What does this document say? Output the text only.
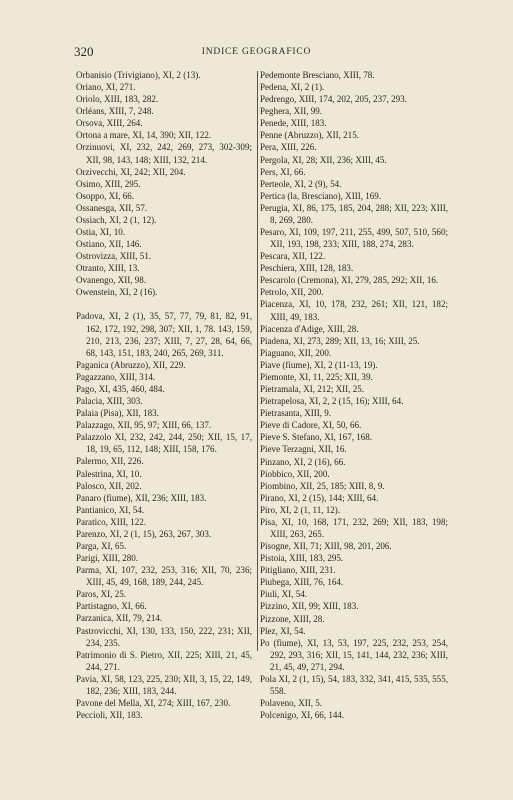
320	INDICE GEOGRAFICO
Orbanisio (Trivigiano), XI, 2 (13).
Oriano, XI, 271.
Oriolo, XIII, 183, 282.
Orléans, XIII, 7, 248.
Orsova, XIII, 264.
Ortona a mare, XI, 14, 390; XII, 122.
Orzinuovi, XI, 232, 242, 269, 273, 302-309; XII, 98, 143, 148; XIII, 132, 214.
Orzivecchi, XI, 242; XII, 204.
Osimo, XIII, 295.
Osoppo, XI, 66.
Ossanesga, XII, 57.
Ossiach, XI, 2 (1, 12).
Ostia, XI, 10.
Ostiano, XII, 146.
Ostrovizza, XIII, 51.
Otranto, XIII, 13.
Ovanengo, XII, 98.
Owenstein, XI, 2 (16).
Padova, XI, 2 (1), 35, 57, 77, 79, 81, 82, 91, 162, 172, 192, 298, 307; XII, 1, 78. 143, 159, 210, 213, 236, 237; XIII, 7, 27, 28, 64, 66, 68, 143, 151, 183, 240, 265, 269, 311.
Paganica (Abruzzo), XII, 229.
Pagazzano, XIII, 314.
Pago, XI, 435, 460, 484.
Palacia, XIII, 303.
Palaia (Pisa), XII, 183.
Palazzago, XII, 95, 97; XIII, 66, 137.
Palazzolo XI, 232, 242, 244, 250; XII, 15, 17, 18, 19, 65, 112, 148; XIII, 158, 176.
Palermo, XII, 226.
Palestrina, XI, 10.
Palosco, XII, 202.
Panaro (fiume), XII, 236; XIII, 183.
Pantianico, XI, 54.
Paratico, XIII, 122.
Parenzo, XI, 2 (1, 15), 263, 267, 303.
Parga, XI, 65.
Parigi, XIII, 280.
Parma, XI, 107, 232, 253, 316; XII, 70, 236; XIII, 45, 49, 168, 189, 244, 245.
Paros, XI, 25.
Partistagno, XI, 66.
Parzanica, XII, 79, 214.
Pastrovicchi, XI, 130, 133, 150, 222, 231; XII, 234, 235.
Patrimonio di S. Pietro, XII, 225; XIII, 21, 45, 244, 271.
Pavia, XI, 58, 123, 225, 230; XII, 3, 15, 22, 149, 182, 236; XIII, 183, 244.
Pavone del Mella, XI, 274; XIII, 167, 230.
Peccioli, XII, 183.
Pedemonte Bresciano, XIII, 78.
Pedena, XI, 2 (1).
Pedrengo, XIII, 174, 202, 205, 237, 293.
Peghera, XII, 99.
Penede, XIII, 183.
Penne (Abruzzo), XII, 215.
Pera, XIII, 226.
Pergola, XI, 28; XII, 236; XIII, 45.
Pers, XI, 66.
Perteole, XI, 2 (9), 54.
Pertica (la, Bresciano), XIII, 169.
Perugia, XI, 86, 175, 185, 204, 288; XII, 223; XIII, 8, 269, 280.
Pesaro, XI, 109, 197, 211, 255, 499, 507, 510, 560; XII, 193, 198, 233; XIII, 188, 274, 283.
Pescara, XII, 122.
Peschiera, XIII, 128, 183.
Pescarolo (Cremona), XI, 279, 285, 292; XII, 16.
Petrolo, XII, 200.
Piacenza, XI, 10, 178, 232, 261; XII, 121, 182; XIII, 49, 183.
Piacenza d'Adige, XIII, 28.
Piadena, XI, 273, 289; XII, 13, 16; XIII, 25.
Piaguano, XII, 200.
Piave (fiume), XI, 2 (11-13, 19).
Piemonte, XI, 11, 225; XII, 39.
Pietramala, XI, 212; XII, 25.
Pietrapelosa, XI, 2, 2 (15, 16); XIII, 64.
Pietrasanta, XIII, 9.
Pieve di Cadore, XI, 50, 66.
Pieve S. Stefano, XI, 167, 168.
Pieve Terzagni, XII, 16.
Pinzano, XI, 2 (16), 66.
Piobbico, XII, 200.
Piombino, XII, 25, 185; XIII, 8, 9.
Pirano, XI, 2 (15), 144; XIII, 64.
Piro, XI, 2 (1, 11, 12).
Pisa, XI, 10, 168, 171, 232, 269; XII, 183, 198; XIII, 263, 265.
Pisogne, XII, 71; XIII, 98, 201, 206.
Pistoia, XIII, 183, 295.
Pitigliano, XIII, 231.
Piubega, XIII, 76, 164.
Piuli, XI, 54.
Pizzino, XII, 99; XIII, 183.
Pizzone, XIII, 28.
Plez, XI, 54.
Po (fiume), XI, 13, 53, 197, 225, 232, 253, 254, 292, 293, 316; XII, 15, 141, 144, 232, 236; XIII, 21, 45, 49, 271, 294.
Pola XI, 2 (1, 15), 54, 183, 332, 341, 415, 535, 555, 558.
Polaveno, XII, 5.
Polcenigo, XI, 66, 144.
